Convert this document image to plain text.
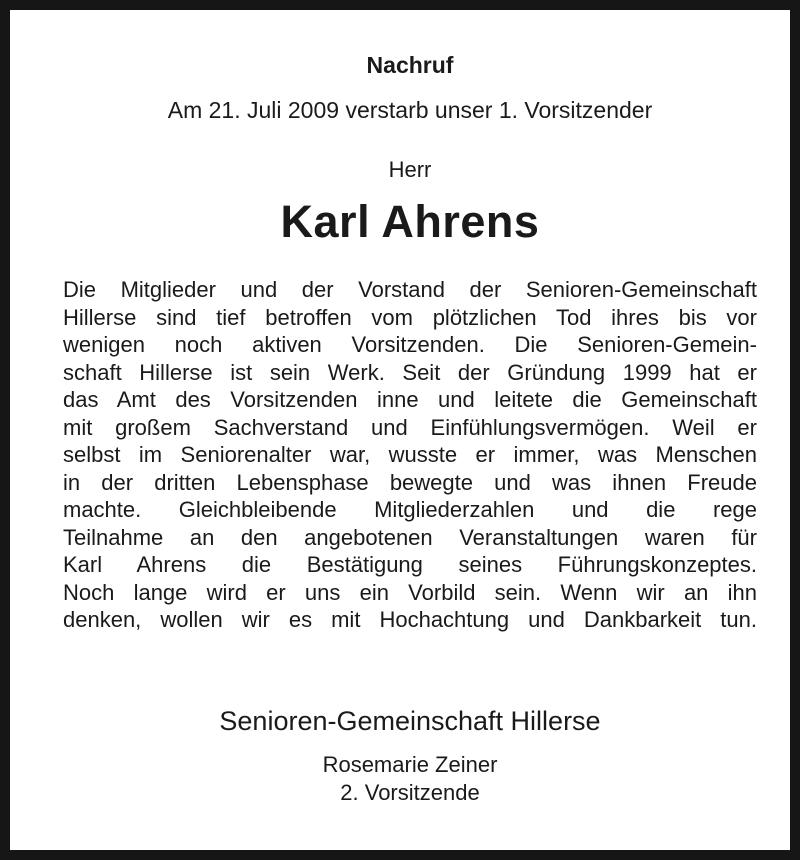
Nachruf
Am 21. Juli 2009 verstarb unser 1. Vorsitzender
Herr
Karl Ahrens
Die Mitglieder und der Vorstand der Senioren-Gemeinschaft
Hillerse sind tief betroffen vom plötzlichen Tod ihres bis vor
wenigen noch aktiven Vorsitzenden. Die Senioren-Gemein-
schaft Hillerse ist sein Werk. Seit der Gründung 1999 hat er
das Amt des Vorsitzenden inne und leitete die Gemeinschaft
mit großem Sachverstand und Einfühlungsvermögen. Weil er
selbst im Seniorenalter war, wusste er immer, was Menschen
in der dritten Lebensphase bewegte und was ihnen Freude
machte. Gleichbleibende Mitgliederzahlen und die rege
Teilnahme an den angebotenen Veranstaltungen waren für
Karl Ahrens die Bestätigung seines Führungskonzeptes.
Noch lange wird er uns ein Vorbild sein. Wenn wir an ihn
denken, wollen wir es mit Hochachtung und Dankbarkeit tun.
Senioren-Gemeinschaft Hillerse
Rosemarie Zeiner
2. Vorsitzende
